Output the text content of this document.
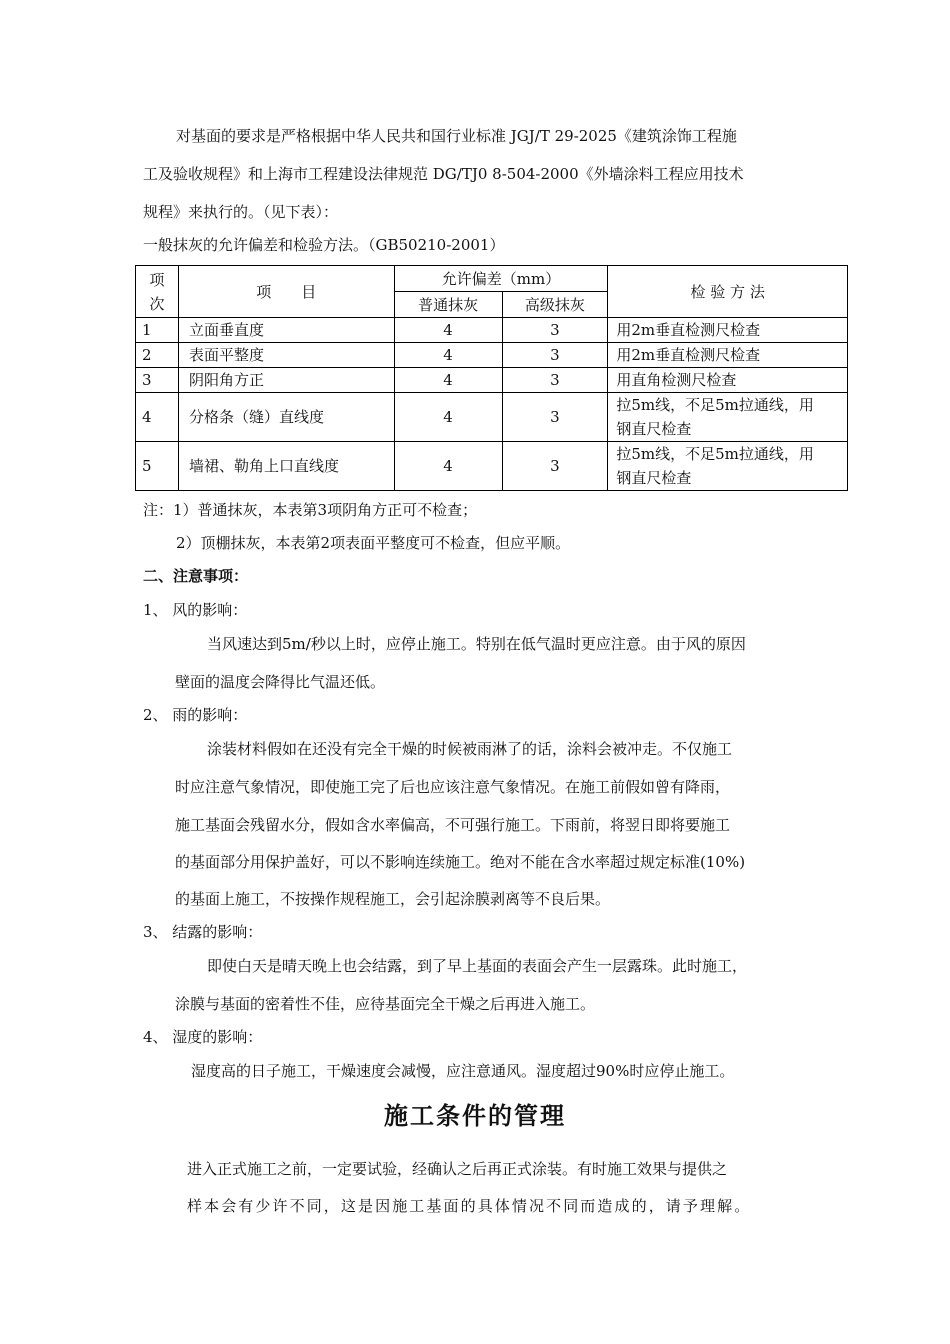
对基面的要求是严格根据中华人民共和国行业标准 JGJ/T 29-2025《建筑涂饰工程施
工及验收规程》和上海市工程建设法律规范 DG/TJ0 8-504-2000《外墙涂料工程应用技术
规程》来执行的。（见下表）：
一般抹灰的允许偏差和检验方法。（GB50210-2001）
项次	项　　目	允许偏差（mm）		检 验 方 法
		普通抹灰	高级抹灰	
1	立面垂直度	4	3	用2m垂直检测尺检查
2	表面平整度	4	3	用2m垂直检测尺检查
3	阴阳角方正	4	3	用直角检测尺检查
4	分格条（缝）直线度	4	3	拉5m线，不足5m拉通线，用
钢直尺检查

5	墙裙、勒角上口直线度	4	3	拉5m线，不足5m拉通线，用
钢直尺检查
注：1）普通抹灰，本表第3项阴角方正可不检查；
2）顶棚抹灰，本表第2项表面平整度可不检查，但应平顺。
二、注意事项：
1、 风的影响：
当风速达到5m/秒以上时，应停止施工。特别在低气温时更应注意。由于风的原因
壁面的温度会降得比气温还低。
2、 雨的影响：
涂装材料假如在还没有完全干燥的时候被雨淋了的话，涂料会被冲走。不仅施工
时应注意气象情况，即使施工完了后也应该注意气象情况。在施工前假如曾有降雨，
施工基面会残留水分，假如含水率偏高，不可强行施工。下雨前，将翌日即将要施工
的基面部分用保护盖好，可以不影响连续施工。绝对不能在含水率超过规定标准(10%)
的基面上施工，不按操作规程施工，会引起涂膜剥离等不良后果。
3、 结露的影响：
即使白天是晴天晚上也会结露，到了早上基面的表面会产生一层露珠。此时施工，
涂膜与基面的密着性不佳，应待基面完全干燥之后再进入施工。
4、 湿度的影响：
湿度高的日子施工，干燥速度会减慢，应注意通风。湿度超过90%时应停止施工。
施工条件的管理
进入正式施工之前，一定要试验，经确认之后再正式涂装。有时施工效果与提供之
样本会有少许不同，这是因施工基面的具体情况不同而造成的，请予理解。
